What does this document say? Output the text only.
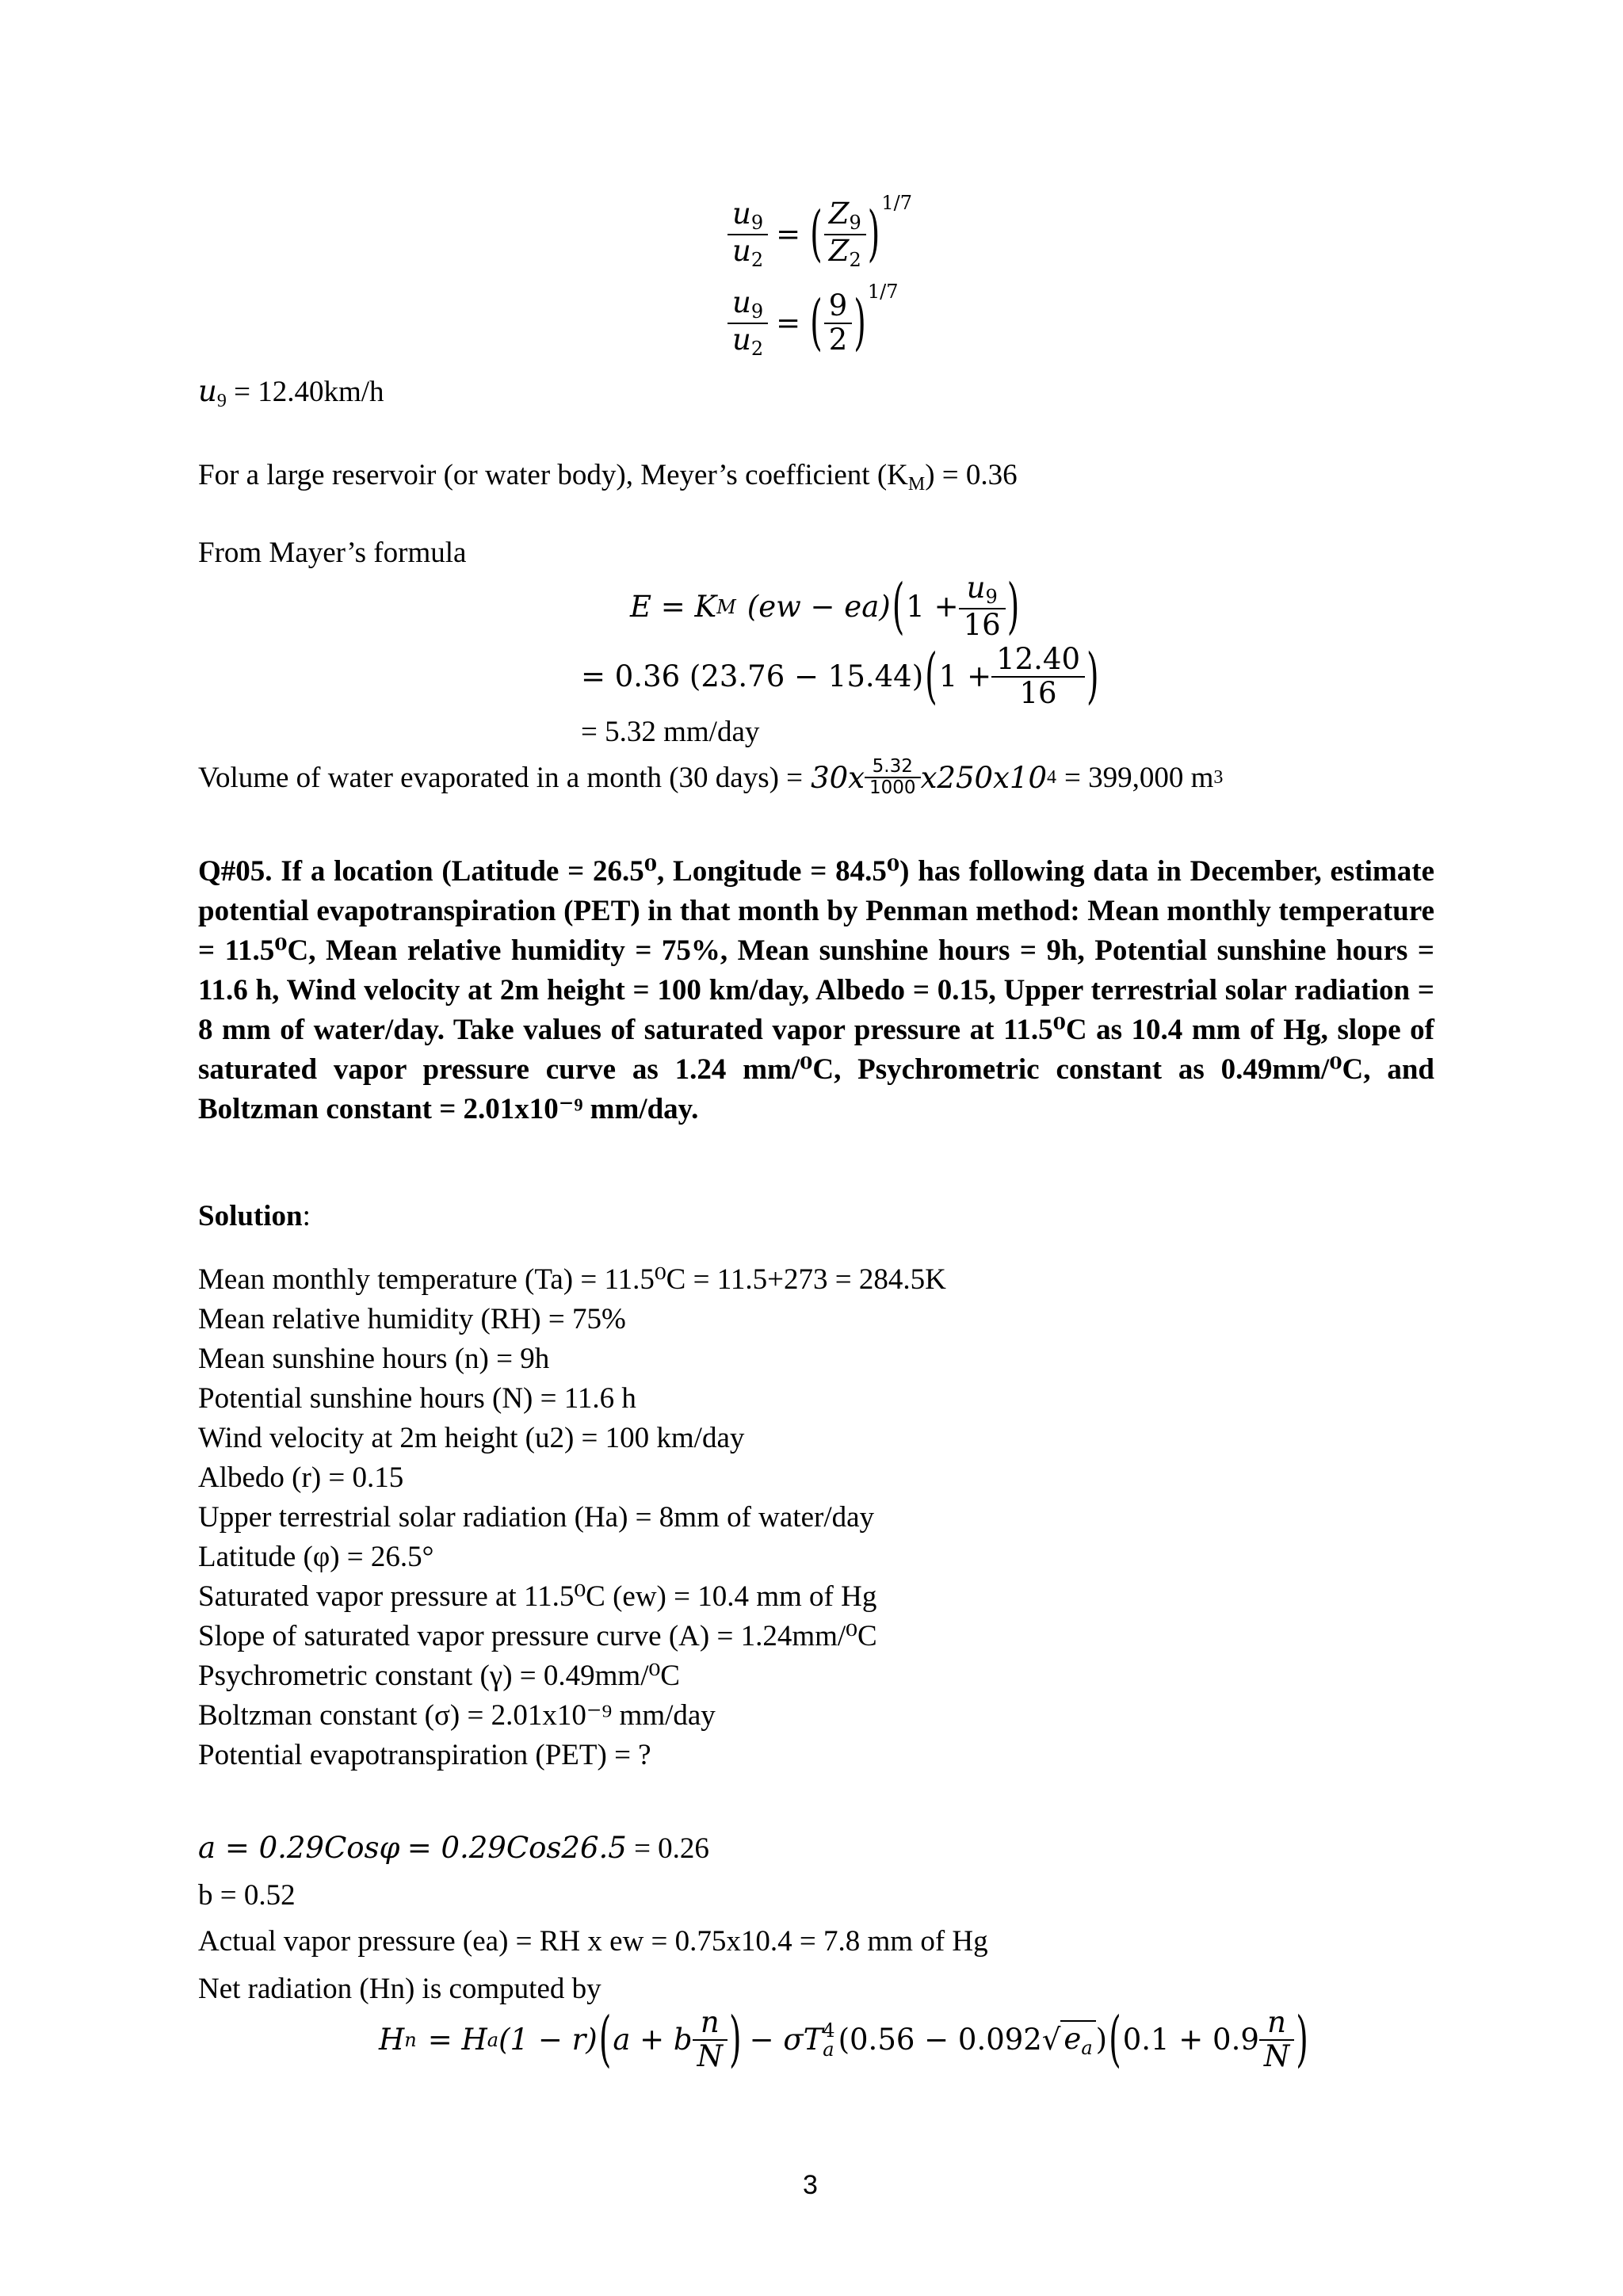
$\frac{u_9}{u_2}$ = ( $\frac{Z_9}{Z_2}$ ) 1/7
$\frac{u_9}{u_2}$ = ( $\frac{9}{2}$ ) 1/7
$u_9 = 12.40km/h$
For a large reservoir (or water body), Meyer’s coefficient $(K_M) = 0.36$
From Mayer’s formula
E = K M (ew − ea) ( $1 + \frac{u_9}{16}$ )
= 0.36 (23.76 − 15.44) ( $1 + \frac{12.40}{16}$ )
= 5.32 mm/day
Volume of water evaporated in a month (30 days) = $30x \frac{5.32}{1000} x250x10$ 4 = 399,000 m 3
Q#05. If a location (Latitude = 26.5⁰, Longitude = 84.5⁰) has following data in December, estimate potential evapotranspiration (PET) in that month by Penman method: Mean monthly temperature = 11.5⁰C, Mean relative humidity = 75%, Mean sunshine hours = 9h, Potential sunshine hours = 11.6 h, Wind velocity at 2m height = 100 km/day, Albedo = 0.15, Upper terrestrial solar radiation = 8 mm of water/day. Take values of saturated vapor pressure at 11.5⁰C as 10.4 mm of Hg, slope of saturated vapor pressure curve as 1.24 mm/⁰C, Psychrometric constant as 0.49mm/⁰C, and Boltzman constant = 2.01x10⁻⁹ mm/day.
Solution:
Mean monthly temperature (Ta) = 11.5⁰C = 11.5+273 = 284.5K
Mean relative humidity (RH) = 75%
Mean sunshine hours (n) = 9h
Potential sunshine hours (N) = 11.6 h
Wind velocity at 2m height (u2) = 100 km/day
Albedo (r) = 0.15
Upper terrestrial solar radiation (Ha) = 8mm of water/day
Latitude (φ) = 26.5°
Saturated vapor pressure at 11.5⁰C (ew) = 10.4 mm of Hg
Slope of saturated vapor pressure curve (A) = 1.24mm/⁰C
Psychrometric constant (γ) = 0.49mm/⁰C
Boltzman constant (σ) = 2.01x10⁻⁹ mm/day
Potential evapotranspiration (PET) = ?
a = 0.29Cosφ = 0.29Cos26.5 = 0.26
b = 0.52
Actual vapor pressure (ea) = RH x ew = 0.75x10.4 = 7.8 mm of Hg
Net radiation (Hn) is computed by
H n = H a (1 − r) ( a + b $\frac{n}{N}$ ) − σT 4
a (0.56 − 0.092 √ $e_a$ ) ( $0.1 + 0.9 \frac{n}{N}$ )
3
